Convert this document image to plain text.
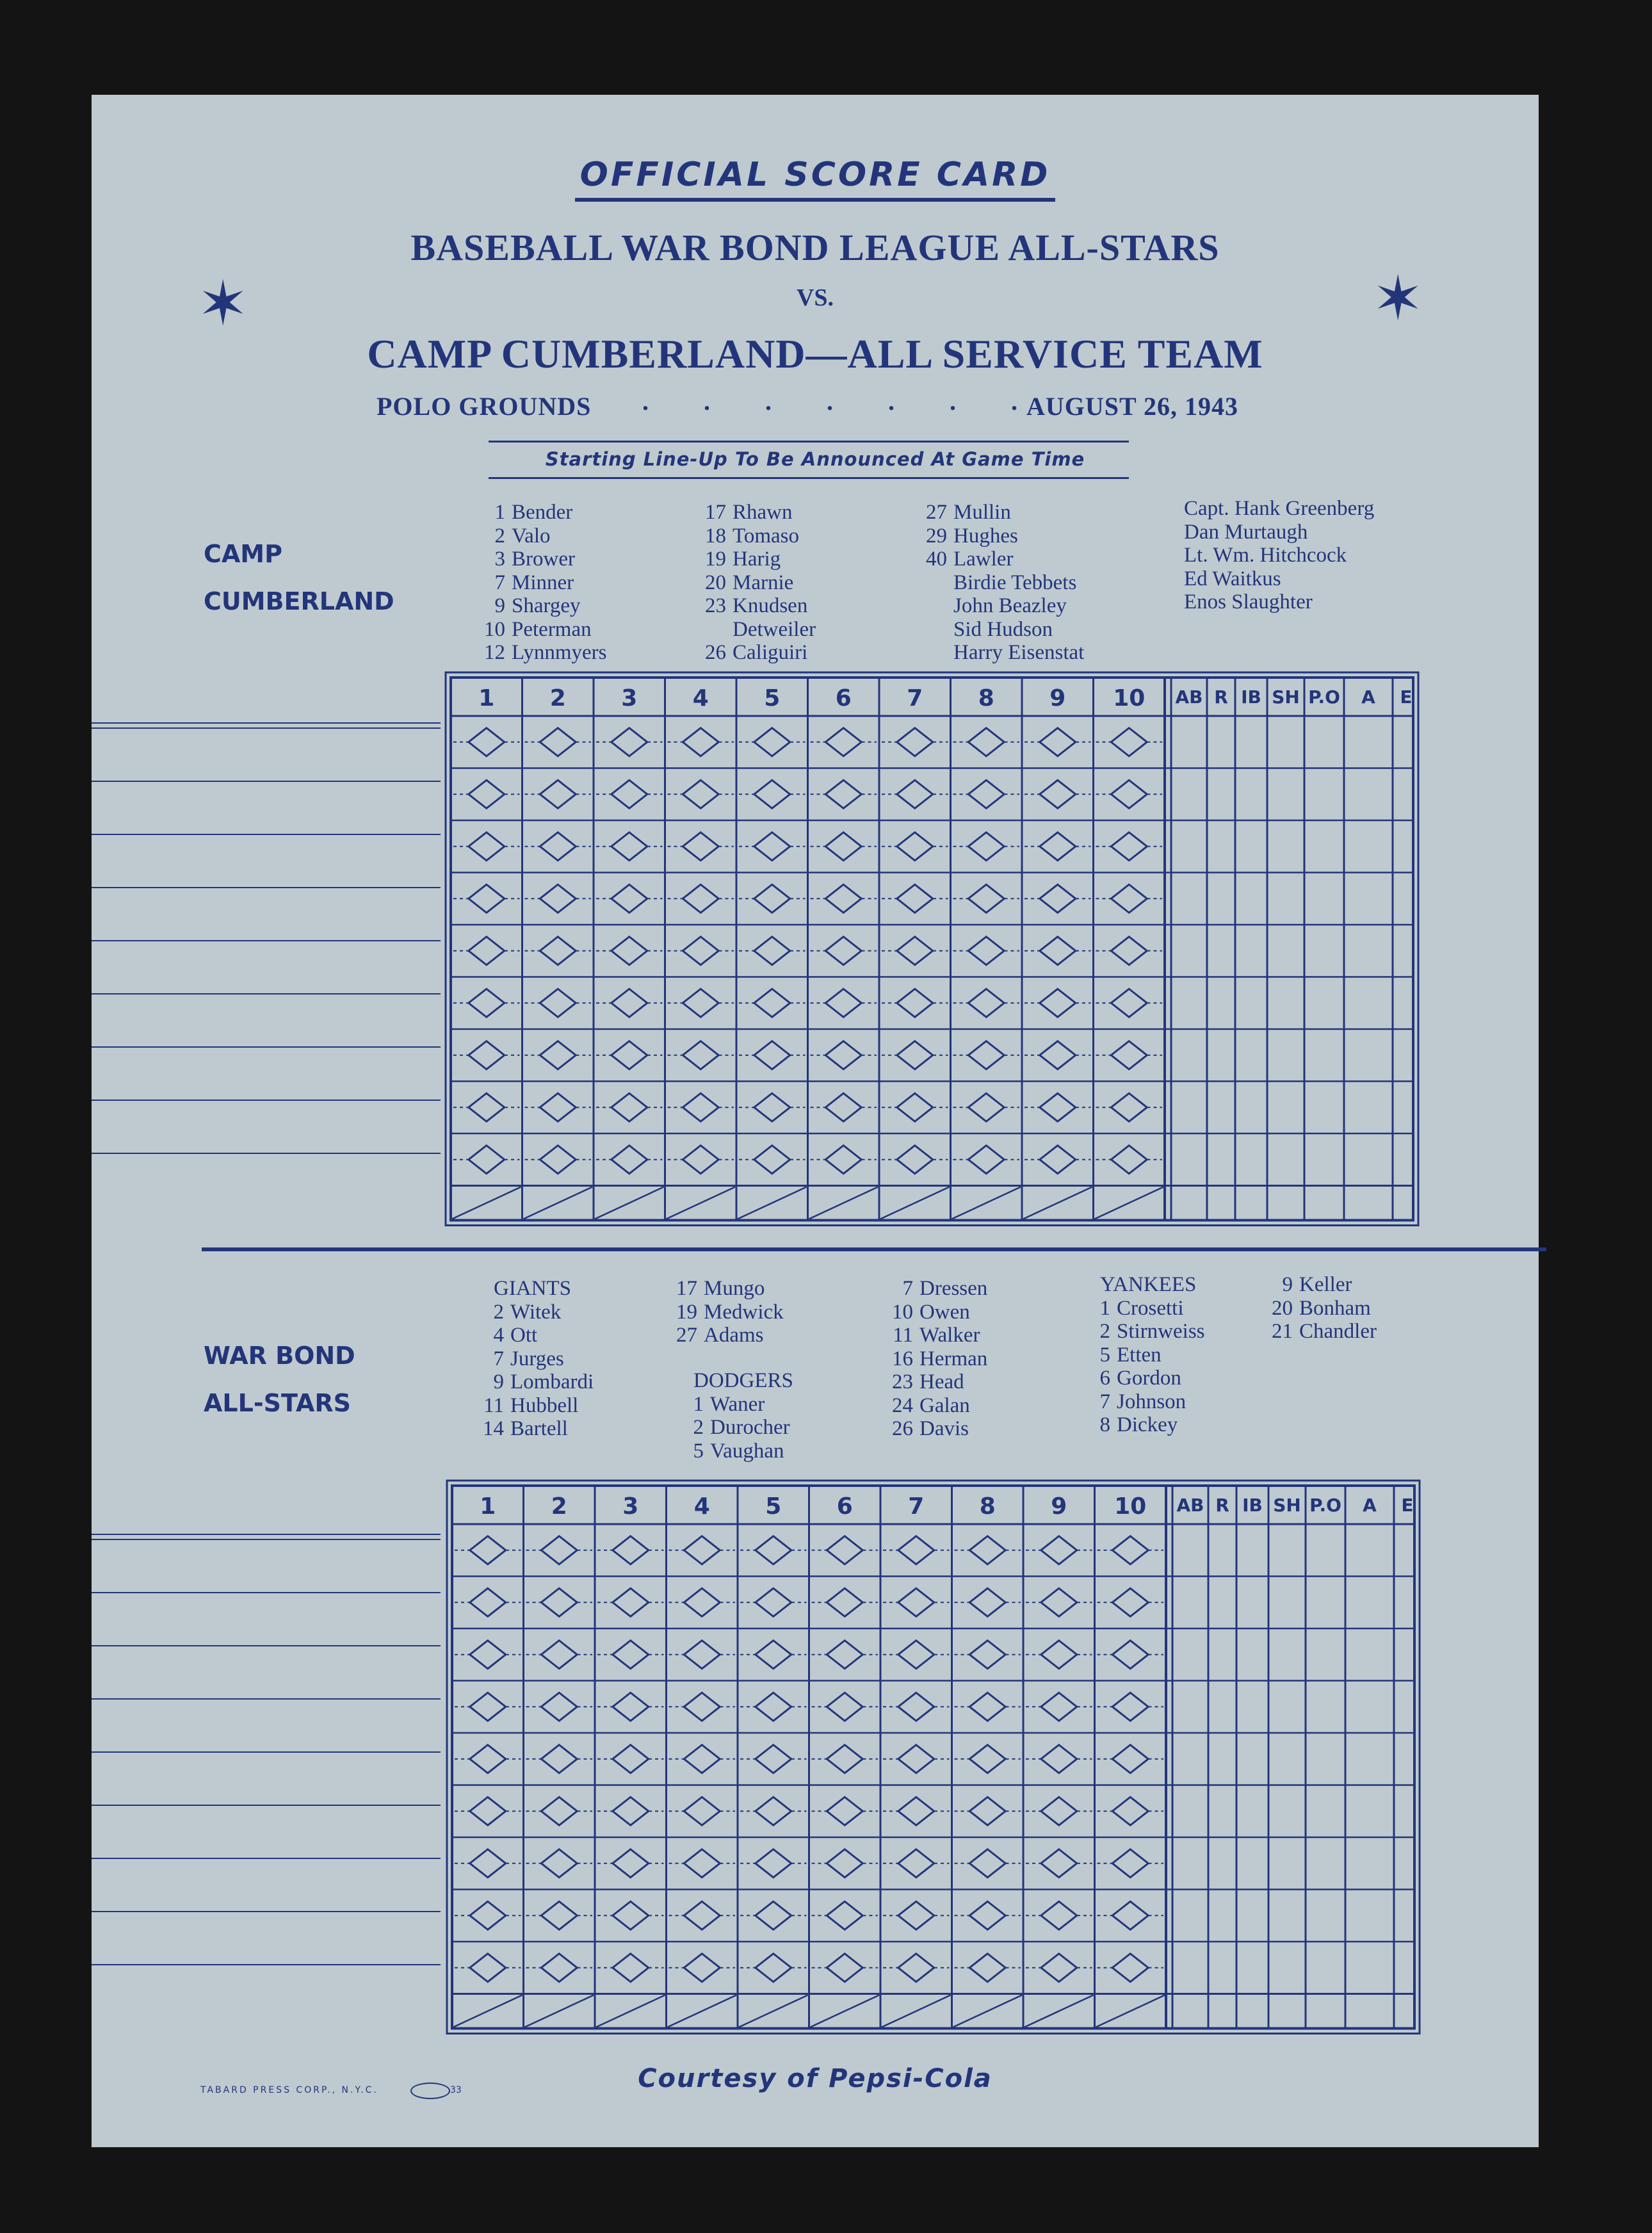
OFFICIAL SCORE CARD
BASEBALL WAR BOND LEAGUE ALL-STARS
VS.
CAMP CUMBERLAND—ALL SERVICE TEAM
✶	✶
POLO GROUNDS . . . . . . .
AUGUST 26, 1943
Starting Line-Up To Be Announced At Game Time
CAMP
CUMBERLAND
1 Bender
2 Valo
3 Brower
7 Minner
9 Shargey
10 Peterman
12 Lynnmyers
17 Rhawn
18 Tomaso
19 Harig
20 Marnie
23 Knudsen
Detweiler
26 Caliguiri
27 Mullin
29 Hughes
40 Lawler
Birdie Tebbets
John Beazley
Sid Hudson
Harry Eisenstat
Capt. Hank Greenberg
Dan Murtaugh
Lt. Wm. Hitchcock
Ed Waitkus
Enos Slaughter
1 2 3 4 5 6 7 8 9 10 AB R IB SH P.O A E
WAR BOND
ALL-STARS
GIANTS
2 Witek
4 Ott
7 Jurges
9 Lombardi
11 Hubbell
14 Bartell
17 Mungo
19 Medwick
27 Adams
DODGERS
1 Waner
2 Durocher
5 Vaughan
7 Dressen
10 Owen
11 Walker
16 Herman
23 Head
24 Galan
26 Davis
YANKEES
1 Crosetti
2 Stirnweiss
5 Etten
6 Gordon
7 Johnson
8 Dickey
9 Keller
20 Bonham
21 Chandler
1 2 3 4 5 6 7 8 9 10 AB R IB SH P.O A E
TABARD PRESS CORP., N.Y.C.	33	Courtesy of Pepsi-Cola
